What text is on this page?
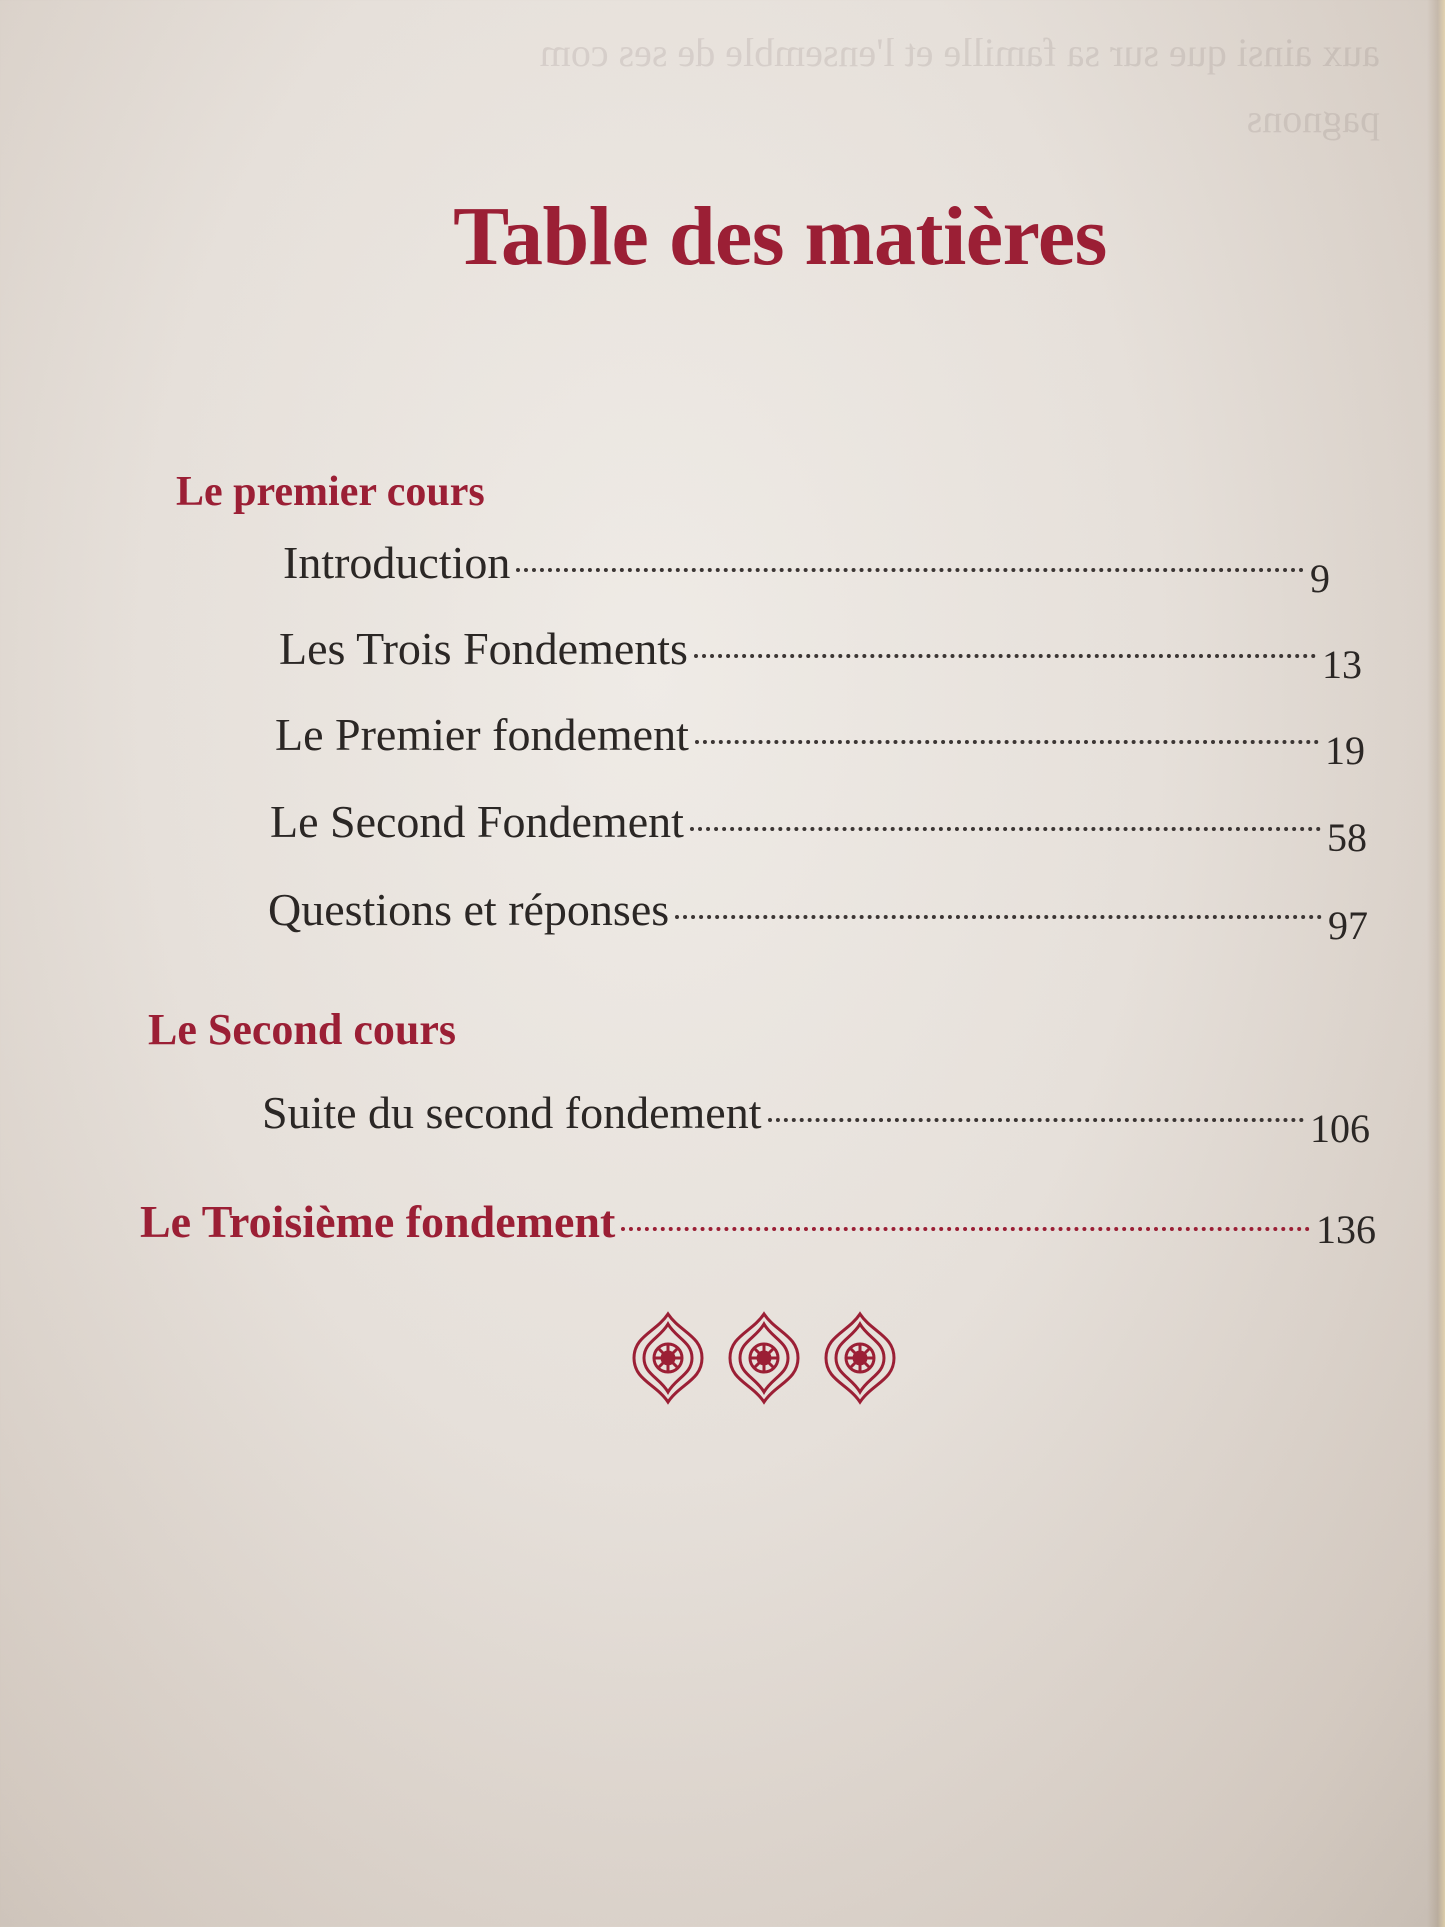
aux ainsi que sur sa famille et l'ensemble de ses com
pagnons
Table des matières
Le premier cours
Introduction	9
Les Trois Fondements	13
Le Premier fondement	19
Le Second Fondement	58
Questions et réponses	97
Le Second cours
Suite du second fondement	106
Le Troisième fondement	136
